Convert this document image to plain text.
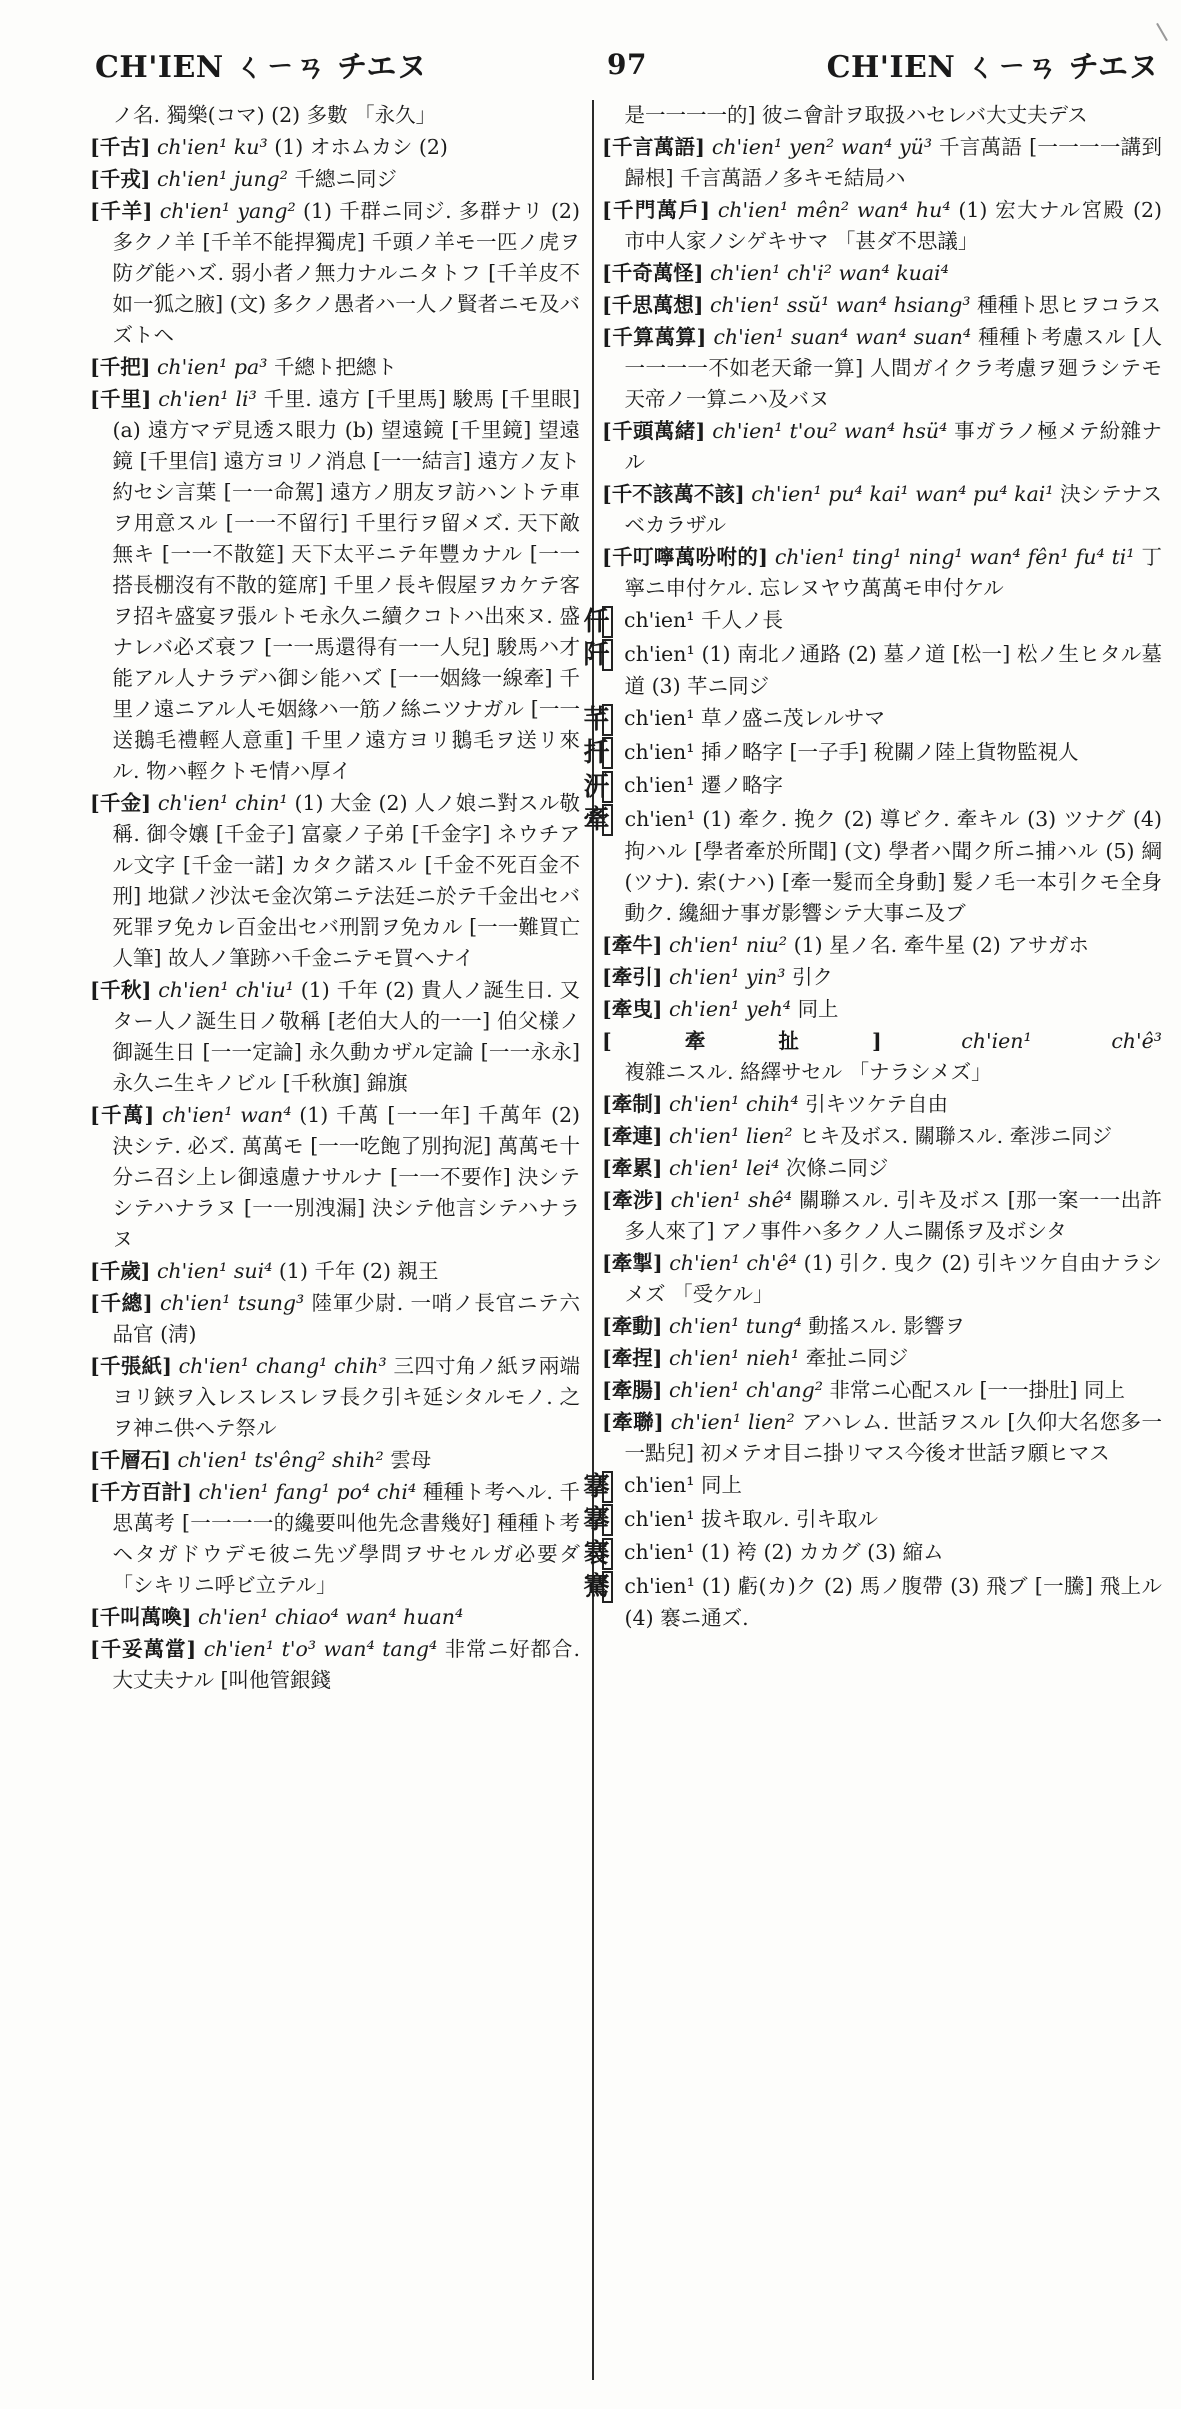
CH'IEN ㄑㄧㄢ チエヌ	97	CH'IEN ㄑㄧㄢ チエヌ
ノ名. 獨樂(コマ) (2) 多數 「永久」
[千古] ch'ien¹ ku³ (1) オホムカシ (2)
[千戎] ch'ien¹ jung² 千總ニ同ジ
[千羊] ch'ien¹ yang² (1) 千群ニ同ジ. 多群ナリ (2) 多クノ羊 [千羊不能捍獨虎] 千頭ノ羊モ一匹ノ虎ヲ防グ能ハズ. 弱小者ノ無力ナルニタトフ [千羊皮不如一狐之腋] (文) 多クノ愚者ハ一人ノ賢者ニモ及バズトヘ
[千把] ch'ien¹ pa³ 千總ト把總ト
[千里] ch'ien¹ li³ 千里. 遠方 [千里馬] 駿馬 [千里眼] (a) 遠方マデ見透ス眼力 (b) 望遠鏡 [千里鏡] 望遠鏡 [千里信] 遠方ヨリノ消息 [一一結言] 遠方ノ友ト約セシ言葉 [一一命駕] 遠方ノ朋友ヲ訪ハントテ車ヲ用意スル [一一不留行] 千里行ヲ留メズ. 天下敵無キ [一一不散筵] 天下太平ニテ年豐カナル [一一搭長棚沒有不散的筵席] 千里ノ長キ假屋ヲカケテ客ヲ招キ盛宴ヲ張ルトモ永久ニ續クコトハ出來ヌ. 盛ナレバ必ズ衰フ [一一馬還得有一一人兒] 駿馬ハ才能アル人ナラデハ御シ能ハズ [一一姻緣一線牽] 千里ノ遠ニアル人モ姻緣ハ一筋ノ絲ニツナガル [一一送鵝毛禮輕人意重] 千里ノ遠方ヨリ鵝毛ヲ送リ來ル. 物ハ輕クトモ情ハ厚イ
[千金] ch'ien¹ chin¹ (1) 大金 (2) 人ノ娘ニ對スル敬稱. 御令孃 [千金子] 富豪ノ子弟 [千金字] ネウチアル文字 [千金一諾] カタク諾スル [千金不死百金不刑] 地獄ノ沙汰モ金次第ニテ法廷ニ於テ千金出セバ死罪ヲ免カレ百金出セバ刑罰ヲ免カル [一一難買亡人筆] 故人ノ筆跡ハ千金ニテモ買ヘナイ
[千秋] ch'ien¹ ch'iu¹ (1) 千年 (2) 貴人ノ誕生日. 又ター人ノ誕生日ノ敬稱 [老伯大人的一一] 伯父樣ノ御誕生日 [一一定論] 永久動カザル定論 [一一永永] 永久ニ生キノビル [千秋旗] 錦旗
[千萬] ch'ien¹ wan⁴ (1) 千萬 [一一年] 千萬年 (2) 決シテ. 必ズ. 萬萬モ [一一吃飽了別拘泥] 萬萬モ十分ニ召シ上レ御遠慮ナサルナ [一一不要作] 決シテシテハナラヌ [一一別洩漏] 決シテ他言シテハナラヌ
[千歲] ch'ien¹ sui⁴ (1) 千年 (2) 親王
[千總] ch'ien¹ tsung³ 陸軍少尉. 一哨ノ長官ニテ六品官 (淸)
[千張紙] ch'ien¹ chang¹ chih³ 三四寸角ノ紙ヲ兩端ヨリ鋏ヲ入レスレスレヲ長ク引キ延シタルモノ. 之ヲ神ニ供ヘテ祭ル
[千層石] ch'ien¹ ts'êng² shih² 雲母
[千方百計] ch'ien¹ fang¹ po⁴ chi⁴ 種種ト考ヘル. 千思萬考 [一一一一的纔要叫他先念書幾好] 種種ト考ヘタガドウデモ彼ニ先ヅ學問ヲサセルガ必要ダ 「シキリニ呼ビ立テル」
[千叫萬喚] ch'ien¹ chiao⁴ wan⁴ huan⁴
[千妥萬當] ch'ien¹ t'o³ wan⁴ tang⁴ 非常ニ好都合. 大丈夫ナル [叫他管銀錢
是一一一一的] 彼ニ會計ヲ取扱ハセレバ大丈夫デス
[千言萬語] ch'ien¹ yen² wan⁴ yü³ 千言萬語 [一一一一講到歸根] 千言萬語ノ多キモ結局ハ
[千門萬戶] ch'ien¹ mên² wan⁴ hu⁴ (1) 宏大ナル宮殿 (2) 市中人家ノシゲキサマ 「甚ダ不思議」
[千奇萬怪] ch'ien¹ ch'i² wan⁴ kuai⁴
[千思萬想] ch'ien¹ ssŭ¹ wan⁴ hsiang³ 種種ト思ヒヲコラス
[千算萬算] ch'ien¹ suan⁴ wan⁴ suan⁴ 種種ト考慮スル [人一一一一不如老天爺一算] 人間ガイクラ考慮ヲ廻ラシテモ天帝ノ一算ニハ及バヌ
[千頭萬緒] ch'ien¹ t'ou² wan⁴ hsü⁴ 事ガラノ極メテ紛雜ナル
[千不該萬不該] ch'ien¹ pu⁴ kai¹ wan⁴ pu⁴ kai¹ 決シテナスベカラザル
[千叮嚀萬吩咐的] ch'ien¹ ting¹ ning¹ wan⁴ fên¹ fu⁴ ti¹ 丁寧ニ申付ケル. 忘レヌヤウ萬萬モ申付ケル
仟 ch'ien¹ 千人ノ長
阡 ch'ien¹ (1) 南北ノ通路 (2) 墓ノ道 [松一] 松ノ生ヒタル墓道 (3) 芊ニ同ジ
芊 ch'ien¹ 草ノ盛ニ茂レルサマ
扦 ch'ien¹ 揷ノ略字 [一子手] 稅關ノ陸上貨物監視人
汧 ch'ien¹ 遷ノ略字
牽 ch'ien¹ (1) 牽ク. 挽ク (2) 導ビク. 牽キル (3) ツナグ (4) 拘ハル [學者牽於所聞] (文) 學者ハ聞ク所ニ捕ハル (5) 綱(ツナ). 索(ナハ) [牽一髮而全身動] 髮ノ毛一本引クモ全身動ク. 纔細ナ事ガ影響シテ大事ニ及ブ
[牽牛] ch'ien¹ niu² (1) 星ノ名. 牽牛星 (2) アサガホ
[牽引] ch'ien¹ yin³ 引ク
[牽曳] ch'ien¹ yeh⁴ 同上
[牽扯]	ch'ien¹ ch'ê³ 複雜ニスル. 絡繹サセル 「ナラシメズ」
[牽制] ch'ien¹ chih⁴ 引キツケテ自由
[牽連] ch'ien¹ lien² ヒキ及ボス. 關聯スル. 牽涉ニ同ジ
[牽累] ch'ien¹ lei⁴ 次條ニ同ジ
[牽涉] ch'ien¹ shê⁴ 關聯スル. 引キ及ボス [那一案一一出許多人來了] アノ事件ハ多クノ人ニ關係ヲ及ボシタ
[牽掣] ch'ien¹ ch'ê⁴ (1) 引ク. 曳ク (2) 引キツケ自由ナラシメズ 「受ケル」
[牽動] ch'ien¹ tung⁴ 動搖スル. 影響ヲ
[牽捏] ch'ien¹ nieh¹ 牽扯ニ同ジ
[牽腸] ch'ien¹ ch'ang² 非常ニ心配スル [一一掛肚] 同上
[牽聯] ch'ien¹ lien² アハレム. 世話ヲスル [久仰大名您多一一點兒] 初メテオ目ニ掛リマス今後オ世話ヲ願ヒマス
搴 ch'ien¹ 同上
搴 ch'ien¹ 拔キ取ル. 引キ取ル
褰 ch'ien¹ (1) 袴 (2) カカグ (3) 縮ム
騫 ch'ien¹ (1) 虧(カ)ク (2) 馬ノ腹帶 (3) 飛ブ [一騰] 飛上ル (4) 褰ニ通ズ.
